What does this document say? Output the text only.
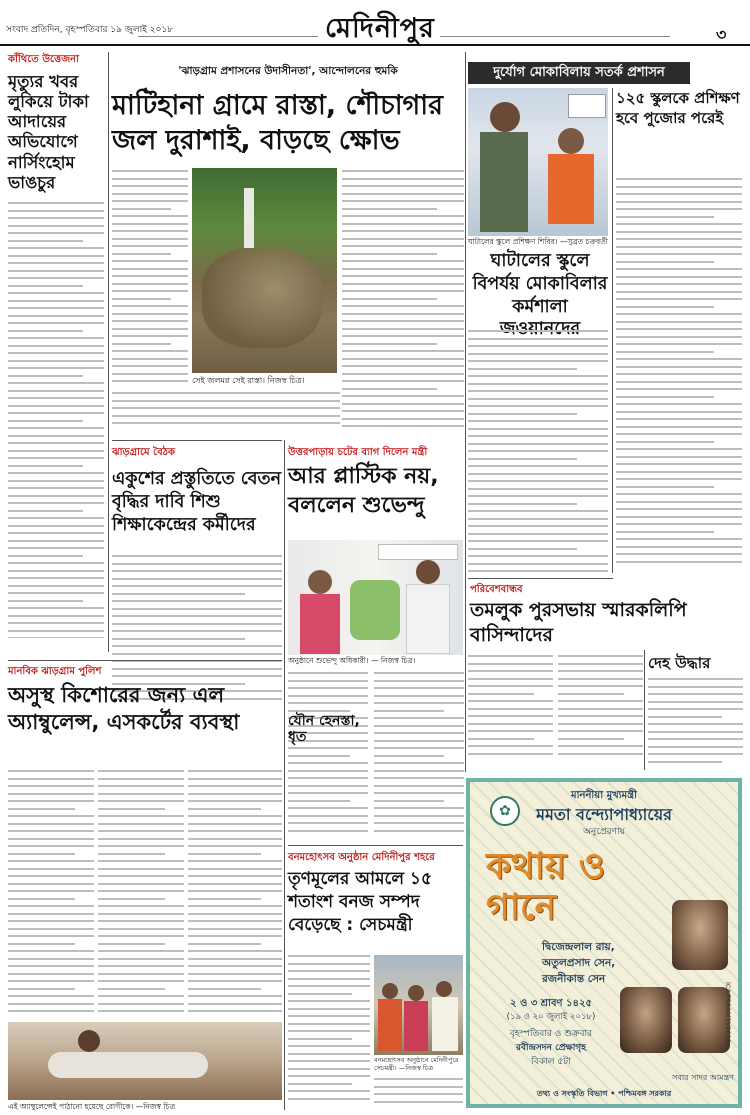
সংবাদ প্রতিদিন, বৃহস্পতিবার ১৯ জুলাই ২০১৮	মেদিনীপুর	৩
কাঁথিতে উত্তেজনা
মৃত্যুর খবর লুকিয়ে টাকা আদায়ের অভিযোগে নার্সিংহোম ভাঙচুর
'ঝাড়গ্রাম প্রশাসনের উদাসীনতা', আন্দোলনের হুমকি
মাটিহানা গ্রামে রাস্তা, শৌচাগার জল দুরাশাই, বাড়ছে ক্ষোভ
সেই জলমগ্ন সেই রাস্তা। নিজস্ব চিত্র।
দুর্যোগ মোকাবিলায় সতর্ক প্রশাসন
ঘাটালের স্কুলে প্রশিক্ষণ শিবির। —সুব্রত চক্রবর্তী
ঘাটালের স্কুলে বিপর্যয় মোকাবিলার কর্মশালা
১২৫ স্কুলকে প্রশিক্ষণ হবে পুজোর পরেই
ঝাড়গ্রামে বৈঠক
একুশের প্রস্তুতিতে বেতন বৃদ্ধির দাবি শিশু শিক্ষাকেন্দ্রের কর্মীদের
উত্তরপাড়ায় চটের ব্যাগ দিলেন মন্ত্রী
আর প্লাস্টিক নয়, বললেন শুভেন্দু
অনুষ্ঠানে শুভেন্দু অধিকারী। — নিজস্ব চিত্র।
পরিবেশবান্ধব
তমলুক পুরসভায় স্মারকলিপি বাসিন্দাদের
দেহ উদ্ধার
মানবিক ঝাড়গ্রাম পুলিশ
অসুস্থ কিশোরের জন্য এল অ্যাম্বুলেন্স, এসকর্টের ব্যবস্থা
এই অ্যাম্বুলেন্সেই পাঠানো হয়েছে রোগীকে। —নিজস্ব চিত্র
যৌন হেনস্তা, ধৃত
বনমহোৎসব অনুষ্ঠান মেদিনীপুর শহরে
তৃণমূলের আমলে ১৫ শতাংশ বনজ সম্পদ বেড়েছে : সেচমন্ত্রী
বনমহোৎসব অনুষ্ঠানে মেদিনীপুরে সেচমন্ত্রী। —নিজস্ব চিত্র
মাননীয়া মুখ্যমন্ত্রী
মমতা বন্দ্যোপাধ্যায়ের
অনুপ্রেরণায়
✿
কথায় ও গানে
দ্বিজেন্দ্রলাল রায়,
অতুলপ্রসাদ সেন,
রজনীকান্ত সেন
২ ও ৩ শ্রাবণ ১৪২৫
(১৯ ও ২০ জুলাই ২০১৮)
বৃহস্পতিবার ও শুক্রবার
রবীন্দ্রসদন প্রেক্ষাগৃহ
বিকাল ৫টা
সবার সাদর আমন্ত্রণ
তথ্য ও সংস্কৃতি বিভাগ • পশ্চিমবঙ্গ সরকার
ICA-T5840(3)/2018
